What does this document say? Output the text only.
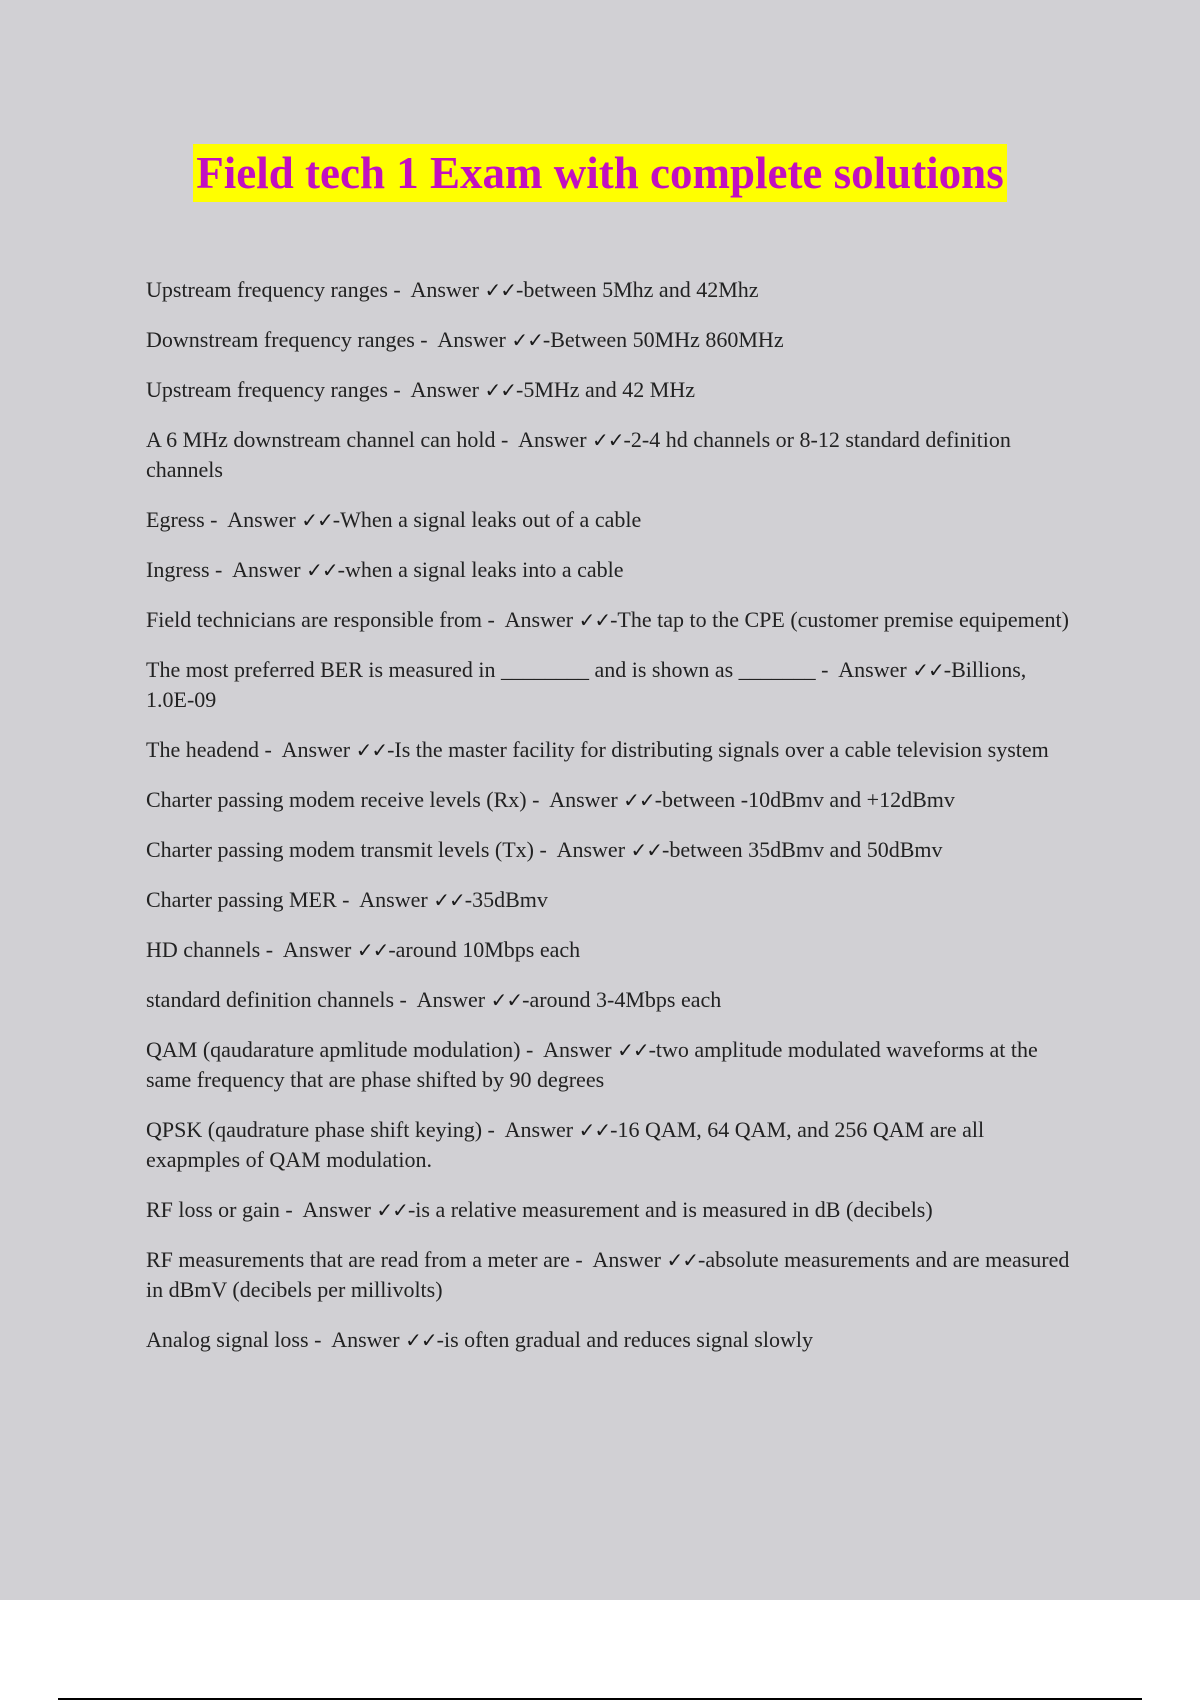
Field tech 1 Exam with complete solutions
Upstream frequency ranges -  Answer ✓✓-between 5Mhz and 42Mhz
Downstream frequency ranges -  Answer ✓✓-Between 50MHz 860MHz
Upstream frequency ranges -  Answer ✓✓-5MHz and 42 MHz
A 6 MHz downstream channel can hold -  Answer ✓✓-2-4 hd channels or 8-12 standard definition channels
Egress -  Answer ✓✓-When a signal leaks out of a cable
Ingress -  Answer ✓✓-when a signal leaks into a cable
Field technicians are responsible from -  Answer ✓✓-The tap to the CPE (customer premise equipement)
The most preferred BER is measured in ________ and is shown as _______ -  Answer ✓✓-Billions, 1.0E-09
The headend -  Answer ✓✓-Is the master facility for distributing signals over a cable television system
Charter passing modem receive levels (Rx) -  Answer ✓✓-between -10dBmv and +12dBmv
Charter passing modem transmit levels (Tx) -  Answer ✓✓-between 35dBmv and 50dBmv
Charter passing MER -  Answer ✓✓-35dBmv
HD channels -  Answer ✓✓-around 10Mbps each
standard definition channels -  Answer ✓✓-around 3-4Mbps each
QAM (qaudarature apmlitude modulation) -  Answer ✓✓-two amplitude modulated waveforms at the same frequency that are phase shifted by 90 degrees
QPSK (qaudrature phase shift keying) -  Answer ✓✓-16 QAM, 64 QAM, and 256 QAM are all exapmples of QAM modulation.
RF loss or gain -  Answer ✓✓-is a relative measurement and is measured in dB (decibels)
RF measurements that are read from a meter are -  Answer ✓✓-absolute measurements and are measured in dBmV (decibels per millivolts)
Analog signal loss -  Answer ✓✓-is often gradual and reduces signal slowly
